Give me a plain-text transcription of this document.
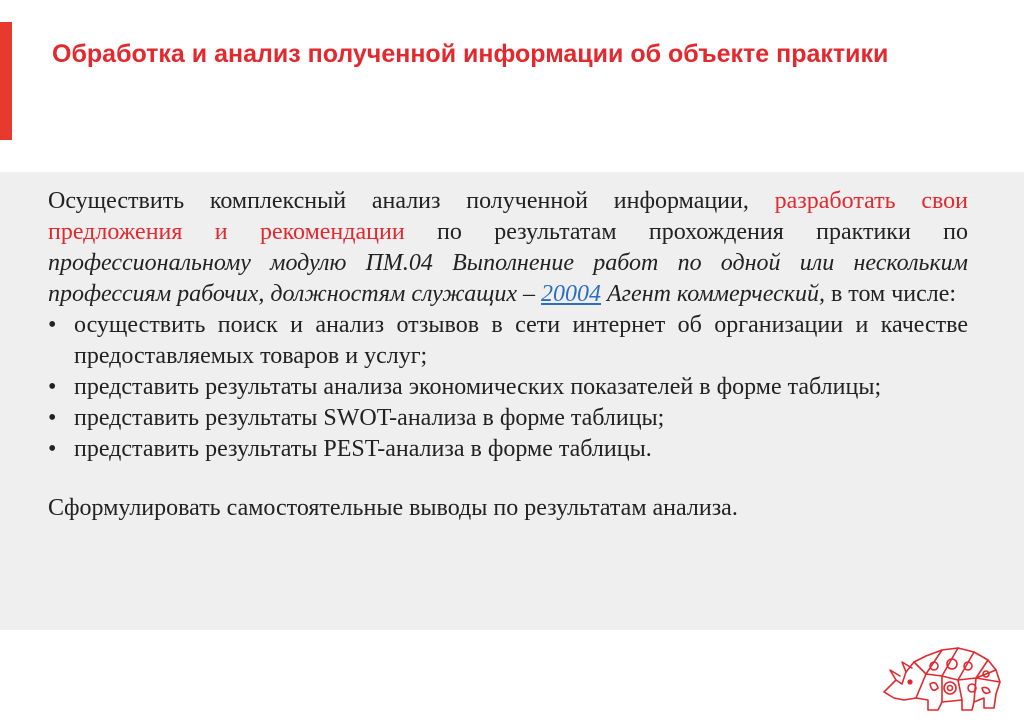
Обработка и анализ полученной информации об объекте практики

Осуществить комплексный анализ полученной информации, разработать свои предложения и рекомендации по результатам прохождения практики по профессиональному модулю ПМ.04 Выполнение работ по одной или нескольким профессиям рабочих, должностям служащих – 20004 Агент коммерческий, в том числе:

• осуществить поиск и анализ отзывов в сети интернет об организации и качестве предоставляемых товаров и услуг;
• представить результаты анализа экономических показателей в форме таблицы;
• представить результаты SWOT-анализа в форме таблицы;
• представить результаты PEST-анализа в форме таблицы.

Сформулировать самостоятельные выводы по результатам анализа.
